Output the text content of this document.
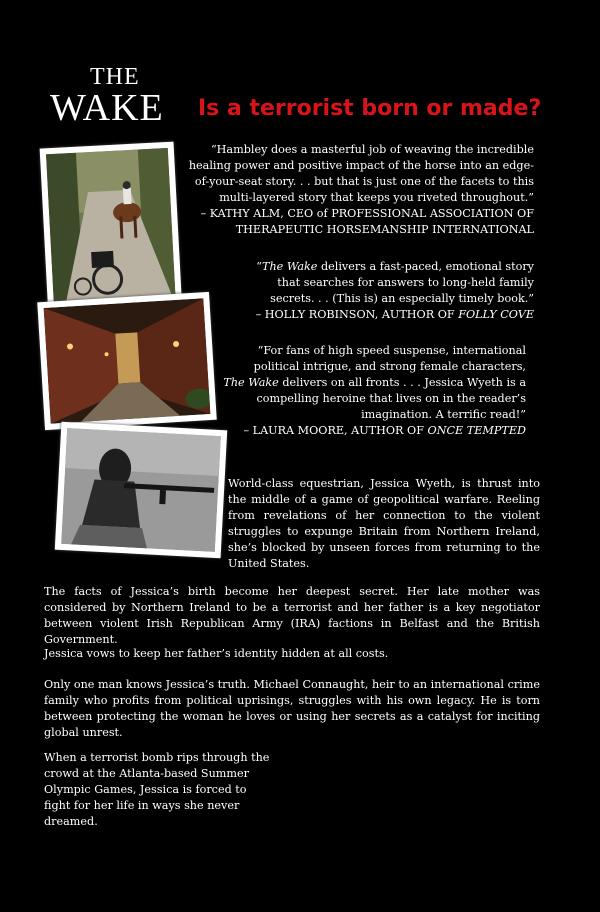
THE
WAKE Is a terrorist born or made?

“Hambley does a masterful job of weaving the incredible healing power and positive impact of the horse into an edge-of-your-seat story. . . but that is just one of the facets to this multi-layered story that keeps you riveted throughout.”

– KATHY ALM, CEO of PROFESSIONAL ASSOCIATION OF THERAPEUTIC HORSEMANSHIP INTERNATIONAL

“The Wake delivers a fast-paced, emotional story that searches for answers to long-held family secrets. . . (This is) an especially timely book.”

– HOLLY ROBINSON, AUTHOR OF FOLLY COVE

“For fans of high speed suspense, international political intrigue, and strong female characters,
The Wake delivers on all fronts . . . Jessica Wyeth is a compelling heroine that lives on in the reader’s imagination. A terrific read!”

– LAURA MOORE, AUTHOR OF ONCE TEMPTED

World-class equestrian, Jessica Wyeth, is thrust into the middle of a game of geopolitical warfare. Reeling from revelations of her connection to the violent struggles to expunge Britain from Northern Ireland, she’s blocked by unseen forces from returning to the United States.

The facts of Jessica’s birth become her deepest secret. Her late mother was considered by Northern Ireland to be a terrorist and her father is a key negotiator between violent Irish Republican Army (IRA) factions in Belfast and the British Government.

Jessica vows to keep her father’s identity hidden at all costs.

Only one man knows Jessica’s truth. Michael Connaught, heir to an international crime family who profits from political uprisings, struggles with his own legacy. He is torn between protecting the woman he loves or using her secrets as a catalyst for inciting global unrest.

When a terrorist bomb rips through the crowd at the Atlanta-based Summer Olympic Games, Jessica is forced to fight for her life in ways she never dreamed.
